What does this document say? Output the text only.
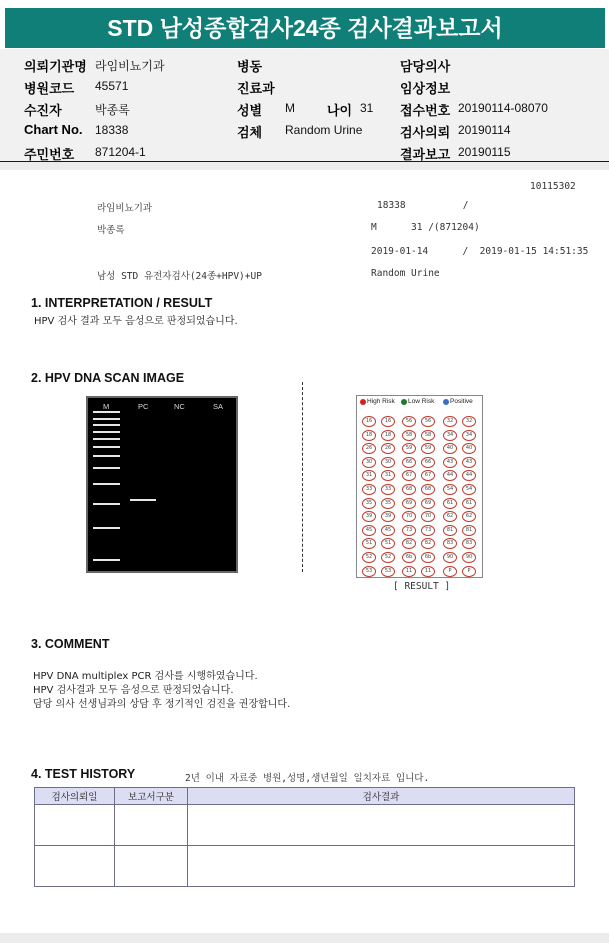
STD 남성종합검사24종 검사결과보고서
의뢰기관명 라임비뇨기과
병원코드 45571
수진자	박종록
Chart No. 18338
주민번호 871204-1
병동
진료과
성별 M 나이 31
검체 Random Urine
담당의사
임상정보
접수번호 20190114-08070
검사의뢰 20190114
결과보고 20190115
10115302
라임비뇨기과	18338          /
박종록	M      31 /(871204)
2019-01-14      /  2019-01-15 14:51:35
남성 STD 유전자검사(24종+HPV)+UP	Random Urine
1. INTERPRETATION / RESULT
HPV 검사 결과 모두 음성으로 판정되었습니다.
2. HPV DNA SCAN IMAGE
M	PC	NC	SA
High Risk Low Risk Positive
16	16	56	56	32	32
18	18	58	58	34	34
26	26	59	59	40	40
30	30	66	66	43	43
31	31	67	67	44	44
33	33	68	68	54	54
35	35	69	69	61	61
39	39	70	70	62	62
45	45	73	73	81	81
51	51	82	82	83	83
52	52	6b	6b	90	90
53	53	11	11	P	P
[ RESULT ]
3. COMMENT
HPV DNA multiplex PCR 검사를 시행하였습니다.
HPV 검사결과 모두 음성으로 판정되었습니다.
담당 의사 선생님과의 상담 후 정기적인 검진을 권장합니다.
4. TEST HISTORY	2년 이내 자료중 병원,성명,생년월일 일치자료 입니다.
검사의뢰일	보고서구분	검사결과
